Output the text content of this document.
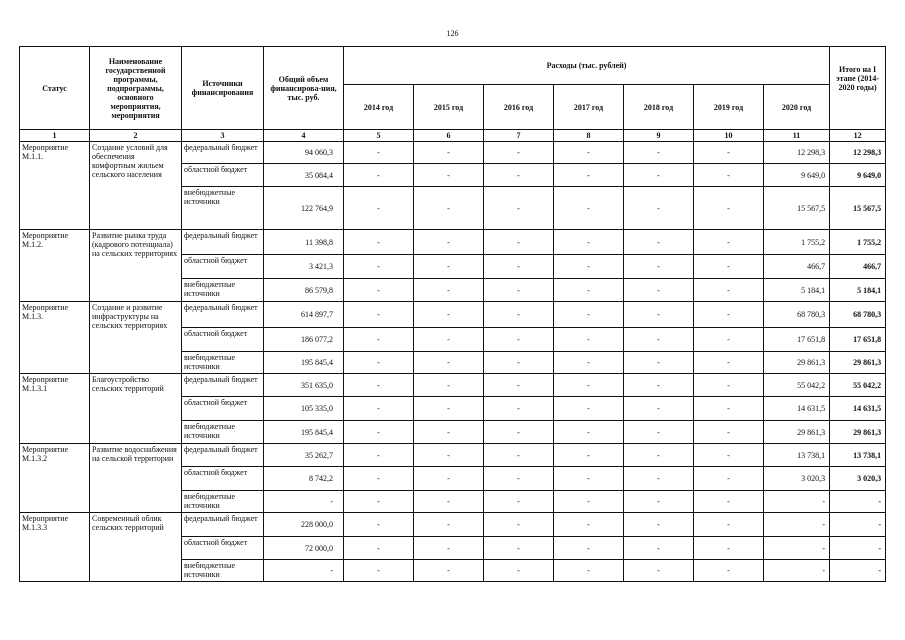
126
Статус	Наименование государственной программы, подпрограммы, основного мероприятия, мероприятия	Источники финансирования	Общий объем финансирова-ния, тыс. руб.	Расходы (тыс. рублей)							Итого на I этапе (2014-2020 годы)
				2014 год	2015 год	2016 год	2017 год	2018 год	2019 год	2020 год	
1	2	3	4	5	6	7	8	9	10	11	12
Мероприятие М.1.1.	Создание условий для обеспечения комфортным жильем сельского населения	федеральный бюджет	94 060,3	-	-	-	-	-	-	12 298,3	12 298,3
		областной бюджет	35 084,4	-	-	-	-	-	-	9 649,0	9 649,0
		внебюджетные источники	122 764,9	-	-	-	-	-	-	15 567,5	15 567,5
Мероприятие М.1.2.	Развитие рынка труда (кадрового потенциала) на сельских территориях	федеральный бюджет	11 398,8	-	-	-	-	-	-	1 755,2	1 755,2
		областной бюджет	3 421,3	-	-	-	-	-	-	466,7	466,7
		внебюджетные источники	86 579,8	-	-	-	-	-	-	5 184,1	5 184,1
Мероприятие М.1.3.	Создание и развитие инфраструктуры на сельских территориях	федеральный бюджет	614 897,7	-	-	-	-	-	-	68 780,3	68 780,3
		областной бюджет	186 077,2	-	-	-	-	-	-	17 651,8	17 651,8
		внебюджетные источники	195 845,4	-	-	-	-	-	-	29 861,3	29 861,3
Мероприятие М.1.3.1	Благоустройство сельских территорий	федеральный бюджет	351 635,0	-	-	-	-	-	-	55 042,2	55 042,2
		областной бюджет	105 335,0	-	-	-	-	-	-	14 631,5	14 631,5
		внебюджетные источники	195 845,4	-	-	-	-	-	-	29 861,3	29 861,3
Мероприятие М.1.3.2	Развитие водоснабжения на сельской территории	федеральный бюджет	35 262,7	-	-	-	-	-	-	13 738,1	13 738,1
		областной бюджет	8 742,2	-	-	-	-	-	-	3 020,3	3 020,3
		внебюджетные источники	-	-	-	-	-	-	-	-	-
Мероприятие М.1.3.3	Современный облик сельских территорий	федеральный бюджет	228 000,0	-	-	-	-	-	-	-	-
		областной бюджет	72 000,0	-	-	-	-	-	-	-	-
		внебюджетные источники	-	-	-	-	-	-	-	-	-
